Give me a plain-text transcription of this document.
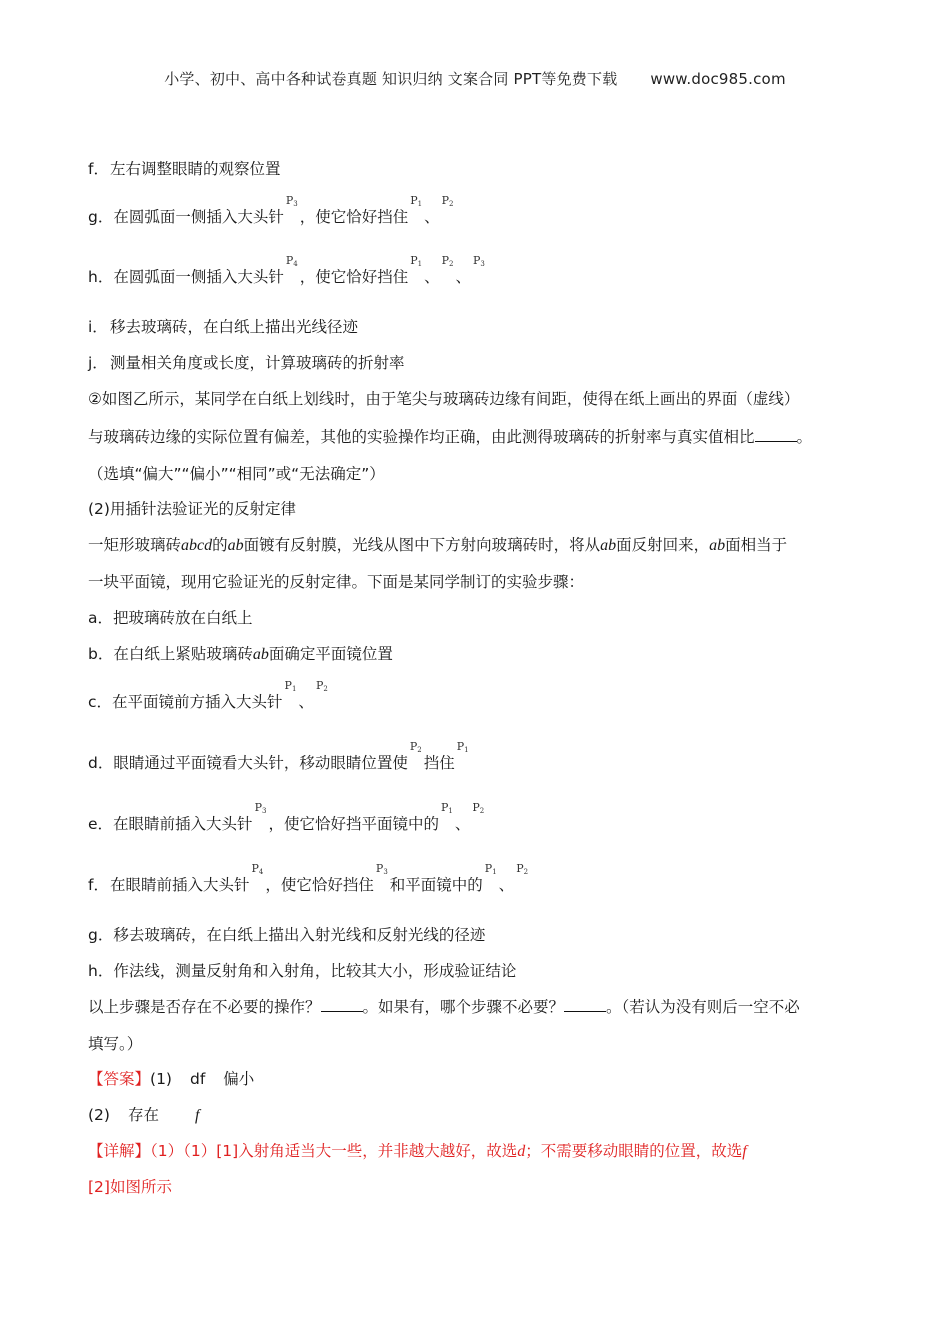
小学、初中、高中各种试卷真题 知识归纳 文案合同 PPT等免费下载 www.doc985.com
f．左右调整眼睛的观察位置
g．在圆弧面一侧插入大头针$P_3$，使它恰好挡住$P_1$、$P_2$
h．在圆弧面一侧插入大头针$P_4$，使它恰好挡住$P_1$、$P_2$、$P_3$
i． 移去玻璃砖，在白纸上描出光线径迹
j． 测量相关角度或长度，计算玻璃砖的折射率
②如图乙所示，某同学在白纸上划线时，由于笔尖与玻璃砖边缘有间距，使得在纸上画出的界面（虚线）
与玻璃砖边缘的实际位置有偏差，其他的实验操作均正确，由此测得玻璃砖的折射率与真实值相比	。
（选填“偏大”“偏小”“相同”或“无法确定”）
(2)用插针法验证光的反射定律
一矩形玻璃砖abcd的ab面镀有反射膜，光线从图中下方射向玻璃砖时，将从ab面反射回来，ab面相当于
一块平面镜，现用它验证光的反射定律。下面是某同学制订的实验步骤：
a．把玻璃砖放在白纸上
b．在白纸上紧贴玻璃砖ab面确定平面镜位置
c．在平面镜前方插入大头针$P_1$、$P_2$
d．眼睛通过平面镜看大头针，移动眼睛位置使$P_2$挡住$P_1$
e．在眼睛前插入大头针$P_3$，使它恰好挡平面镜中的$P_1$、$P_2$
f．在眼睛前插入大头针$P_4$，使它恰好挡住$P_3$和平面镜中的$P_1$、$P_2$
g．移去玻璃砖，在白纸上描出入射光线和反射光线的径迹
h．作法线，测量反射角和入射角，比较其大小，形成验证结论
以上步骤是否存在不必要的操作？	。如果有，哪个步骤不必要？	。（若认为没有则后一空不必
填写。）
【答案】(1) df 偏小
(2) 存在 f
【详解】（1）（1）[1]入射角适当大一些，并非越大越好，故选d；不需要移动眼睛的位置，故选f
[2]如图所示
